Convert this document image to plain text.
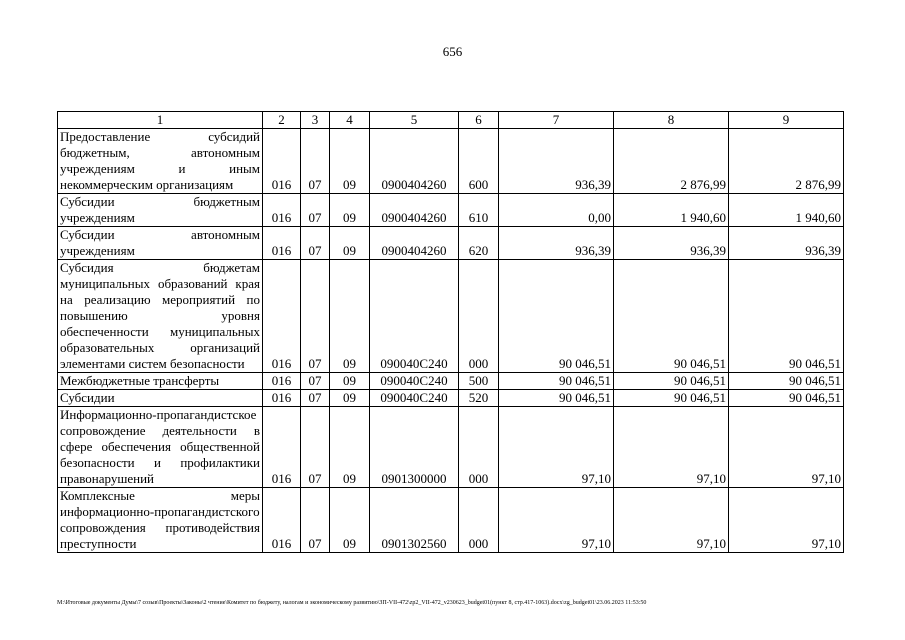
656
1	2	3	4	5	6	7	8	9
Предоставление субсидий бюджетным, автономным учреждениям и иным некоммерческим организациям	016	07	09	0900404260	600	936,39	2 876,99	2 876,99
Субсидии бюджетным учреждениям	016	07	09	0900404260	610	0,00	1 940,60	1 940,60
Субсидии автономным учреждениям	016	07	09	0900404260	620	936,39	936,39	936,39
Субсидия бюджетам муниципальных образований края на реализацию мероприятий по повышению уровня обеспеченности муниципальных образовательных организаций элементами систем безопасности	016	07	09	090040С240	000	90 046,51	90 046,51	90 046,51
Межбюджетные трансферты	016	07	09	090040С240	500	90 046,51	90 046,51	90 046,51
Субсидии	016	07	09	090040С240	520	90 046,51	90 046,51	90 046,51
Информационно-пропагандистское сопровождение деятельности в сфере обеспечения общественной безопасности и профилактики правонарушений	016	07	09	0901300000	000	97,10	97,10	97,10
Комплексные меры информационно-пропагандистского сопровождения противодействия преступности	016	07	09	0901302560	000	97,10	97,10	97,10
М:\Итоговые документы Думы\7 созыв\Проекты\Законы\2 чтение\Комитет по бюджету, налогам и экономическому развитию\ЗП-VII-472\zp2_VII-472_v230623_budget01(пункт 8, стр.417-1063).docx\zg_budget01\23.06.2023 11:53:50
